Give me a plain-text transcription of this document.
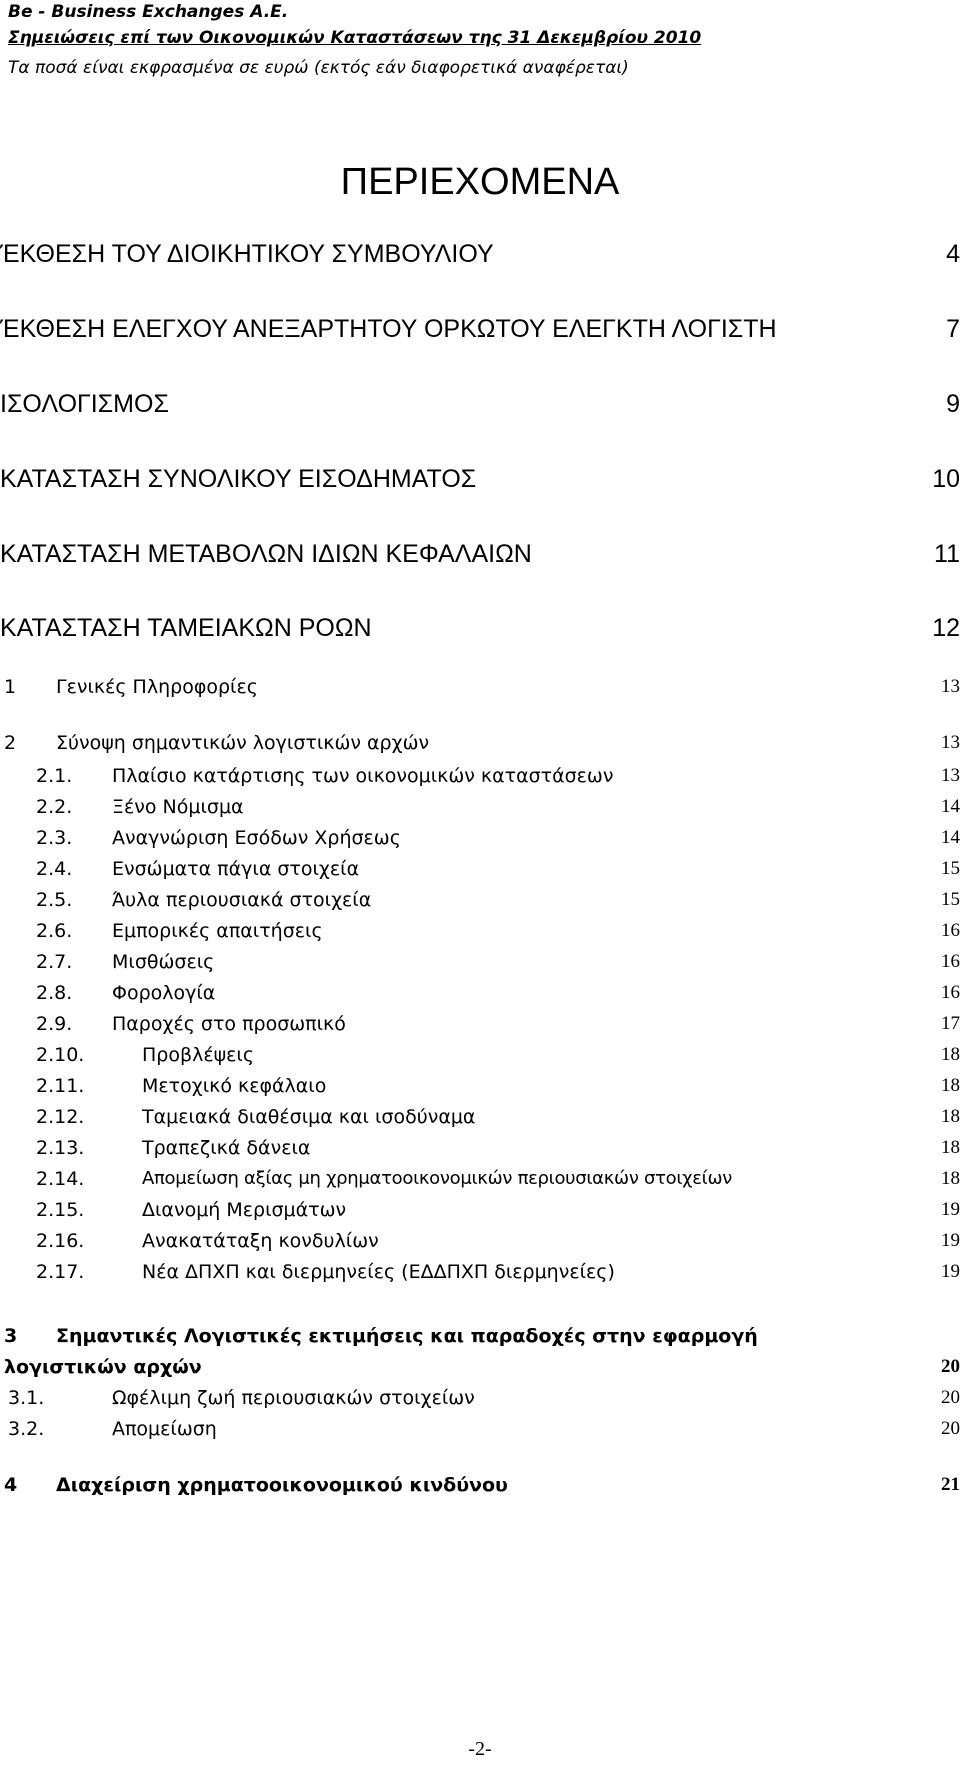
Be - Business Exchanges A.E.
Σημειώσεις επί των Οικονομικών Καταστάσεων της 31 Δεκεμβρίου 2010
Τα ποσά είναι εκφρασμένα σε ευρώ (εκτός εάν διαφορετικά αναφέρεται)
ΠΕΡΙΕΧΟΜΕΝΑ
ΈΚΘΕΣΗ ΤΟΥ ΔΙΟΙΚΗΤΙΚΟΥ ΣΥΜΒΟΥΛΙΟΥ	4
ΈΚΘΕΣΗ ΕΛΕΓΧΟΥ ΑΝΕΞΑΡΤΗΤΟΥ ΟΡΚΩΤΟΥ ΕΛΕΓΚΤΗ ΛΟΓΙΣΤΗ	7
ΙΣΟΛΟΓΙΣΜΟΣ	9
ΚΑΤΑΣΤΑΣΗ ΣΥΝΟΛΙΚΟΥ ΕΙΣΟΔΗΜΑΤΟΣ	10
ΚΑΤΑΣΤΑΣΗ ΜΕΤΑΒΟΛΩΝ ΙΔΙΩΝ ΚΕΦΑΛΑΙΩΝ	11
ΚΑΤΑΣΤΑΣΗ ΤΑΜΕΙΑΚΩΝ ΡΟΩΝ	12
1 Γενικές Πληροφορίες	13
2 Σύνοψη σημαντικών λογιστικών αρχών	13
2.1. Πλαίσιο κατάρτισης των οικονομικών καταστάσεων	13
2.2. Ξένο Νόμισμα	14
2.3. Αναγνώριση Εσόδων Χρήσεως	14
2.4. Ενσώματα πάγια στοιχεία	15
2.5. Άυλα περιουσιακά στοιχεία	15
2.6. Εμπορικές απαιτήσεις	16
2.7. Μισθώσεις	16
2.8. Φορολογία	16
2.9. Παροχές στο προσωπικό	17
2.10.	Προβλέψεις	18
2.11.	Μετοχικό κεφάλαιο	18
2.12.	Ταμειακά διαθέσιμα και ισοδύναμα	18
2.13.	Τραπεζικά δάνεια	18
2.14.	Απομείωση αξίας μη χρηματοοικονομικών περιουσιακών στοιχείων	18
2.15.	Διανομή Μερισμάτων	19
2.16.	Ανακατάταξη κονδυλίων	19
2.17.	Νέα ΔΠΧΠ και διερμηνείες (ΕΔΔΠΧΠ διερμηνείες)	19
3 Σημαντικές Λογιστικές εκτιμήσεις και παραδοχές στην εφαρμογή
λογιστικών αρχών	20
3.1.	Ωφέλιμη ζωή περιουσιακών στοιχείων	20
3.2.	Απομείωση	20
4 Διαχείριση χρηματοοικονομικού κινδύνου	21
-2-
